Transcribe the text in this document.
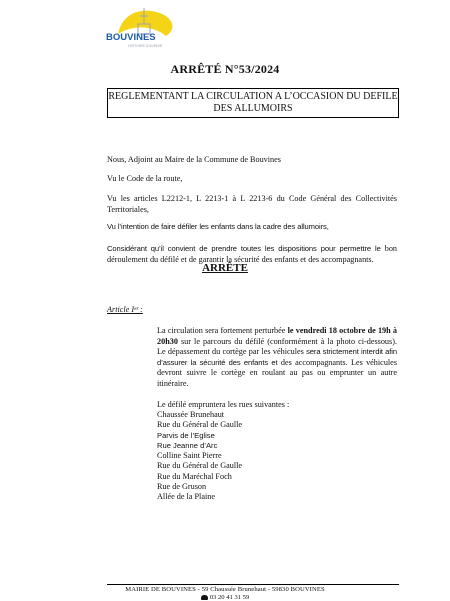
BOUVINES
HISTOIRE D'AVENIR
ARRÊTÉ N°53/2024
REGLEMENTANT LA CIRCULATION A L’OCCASION DU DEFILE DES ALLUMOIRS
Nous, Adjoint au Maire de la Commune de Bouvines
Vu le Code de la route,
Vu les articles L2212-1, L 2213-1 à L 2213-6 du Code Général des Collectivités Territoriales,
Vu l’intention de faire défiler les enfants dans la cadre des allumoirs,
Considérant qu’il convient de prendre toutes les dispositions pour permettre le bon déroulement du défilé et de garantir la sécurité des enfants et des accompagnants.
ARRÊTE
Article Iᵉʳ :
La circulation sera fortement perturbée le vendredi 18 octobre de 19h à 20h30 sur le parcours du défilé (conformément à la photo ci-dessous). Le dépassement du cortège par les véhicules sera strictement interdit afin d’assurer la sécurité des enfants et des accompagnants. Les véhicules devront suivre le cortège en roulant au pas ou emprunter un autre itinéraire.
Le défilé empruntera les rues suivantes :
Chaussée Brunehaut
Rue du Général de Gaulle
Parvis de l’Eglise
Rue Jeanne d’Arc
Colline Saint Pierre
Rue du Général de Gaulle
Rue du Maréchal Foch
Rue de Gruson
Allée de la Plaine
MAIRIE DE BOUVINES - 59 Chaussée Brunehaut - 59830 BOUVINES
03 20 41 31 59
